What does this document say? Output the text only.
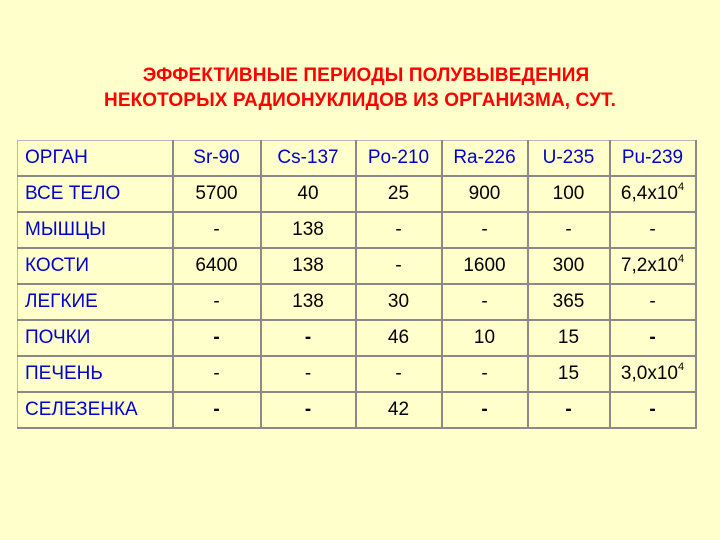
ЭФФЕКТИВНЫЕ ПЕРИОДЫ ПОЛУВЫВЕДЕНИЯ
НЕКОТОРЫХ РАДИОНУКЛИДОВ ИЗ ОРГАНИЗМА, СУТ.
ОРГАН	Sr-90	Cs-137	Po-210	Ra-226	U-235	Pu-239
ВСЕ ТЕЛО	5700	40	25	900	100	$6,4х10^4$
МЫШЦЫ	-	138	-	-	-	-
КОСТИ	6400	138	-	1600	300	$7,2х10^4$
ЛЕГКИЕ	-	138	30	-	365	-
ПОЧКИ	-	-	46	10	15	-
ПЕЧЕНЬ	-	-	-	-	15	$3,0х10^4$
СЕЛЕЗЕНКА	-	-	42	-	-	-
